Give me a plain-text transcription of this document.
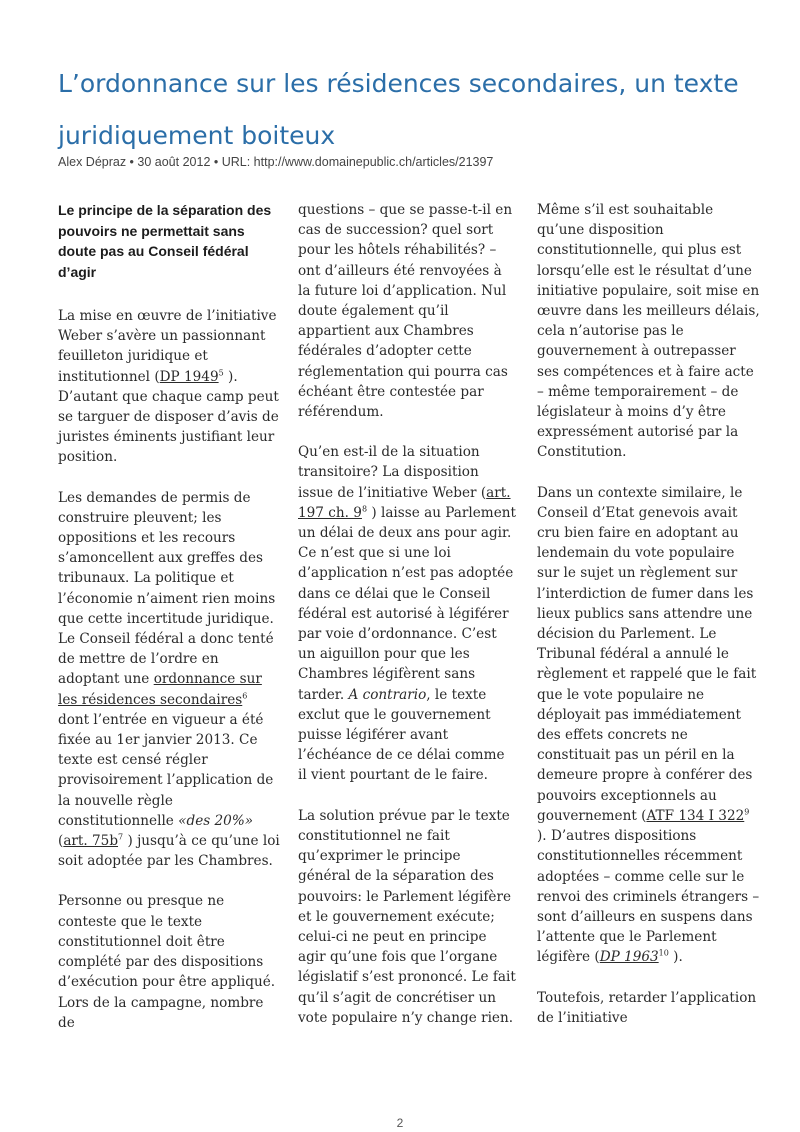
L’ordonnance sur les résidences secondaires, un texte juridiquement boiteux
Alex Dépraz • 30 août 2012 • URL: http://www.domainepublic.ch/articles/21397
Le principe de la séparation des pouvoirs ne permettait sans doute pas au Conseil fédéral d’agir

La mise en œuvre de l’initiative Weber s’avère un passionnant feuilleton juridique et institutionnel (DP 1949$^5$ ). D’autant que chaque camp peut se targuer de disposer d’avis de juristes éminents justifiant leur position.

Les demandes de permis de construire pleuvent; les oppositions et les recours s’amoncellent aux greffes des tribunaux. La politique et l’économie n’aiment rien moins que cette incertitude juridique. Le Conseil fédéral a donc tenté de mettre de l’ordre en adoptant une ordonnance sur les résidences secondaires$^6$ dont l’entrée en vigueur a été fixée au 1er janvier 2013. Ce texte est censé régler provisoirement l’application de la nouvelle règle constitutionnelle «des 20%» (art. $75b^7$ ) jusqu’à ce qu’une loi soit adoptée par les Chambres.

Personne ou presque ne conteste que le texte constitutionnel doit être complété par des dispositions d’exécution pour être appliqué. Lors de la campagne, nombre de

questions – que se passe-t-il en cas de succession? quel sort pour les hôtels réhabilités? – ont d’ailleurs été renvoyées à la future loi d’application. Nul doute également qu’il appartient aux Chambres fédérales d’adopter cette réglementation qui pourra cas échéant être contestée par référendum.

Qu’en est-il de la situation transitoire? La disposition issue de l’initiative Weber (art. 197 ch. $9^8$ ) laisse au Parlement un délai de deux ans pour agir. Ce n’est que si une loi d’application n’est pas adoptée dans ce délai que le Conseil fédéral est autorisé à légiférer par voie d’ordonnance. C’est un aiguillon pour que les Chambres légifèrent sans tarder. A contrario, le texte exclut que le gouvernement puisse légiférer avant l’échéance de ce délai comme il vient pourtant de le faire.

La solution prévue par le texte constitutionnel ne fait qu’exprimer le principe général de la séparation des pouvoirs: le Parlement légifère et le gouvernement exécute; celui-ci ne peut en principe agir qu’une fois que l’organe législatif s’est prononcé. Le fait qu’il s’agit de concrétiser un vote populaire n’y change rien.

Même s’il est souhaitable qu’une disposition constitutionnelle, qui plus est lorsqu’elle est le résultat d’une initiative populaire, soit mise en œuvre dans les meilleurs délais, cela n’autorise pas le gouvernement à outrepasser ses compétences et à faire acte – même temporairement – de législateur à moins d’y être expressément autorisé par la Constitution.

Dans un contexte similaire, le Conseil d’Etat genevois avait cru bien faire en adoptant au lendemain du vote populaire sur le sujet un règlement sur l’interdiction de fumer dans les lieux publics sans attendre une décision du Parlement. Le Tribunal fédéral a annulé le règlement et rappelé que le fait que le vote populaire ne déployait pas immédiatement des effets concrets ne constituait pas un péril en la demeure propre à conférer des pouvoirs exceptionnels au gouvernement (ATF 134 I $322^9$ ). D’autres dispositions constitutionnelles récemment adoptées – comme celle sur le renvoi des criminels étrangers – sont d’ailleurs en suspens dans l’attente que le Parlement légifère (DP 1963$^{10}$ ).

Toutefois, retarder l’application de l’initiative

2
